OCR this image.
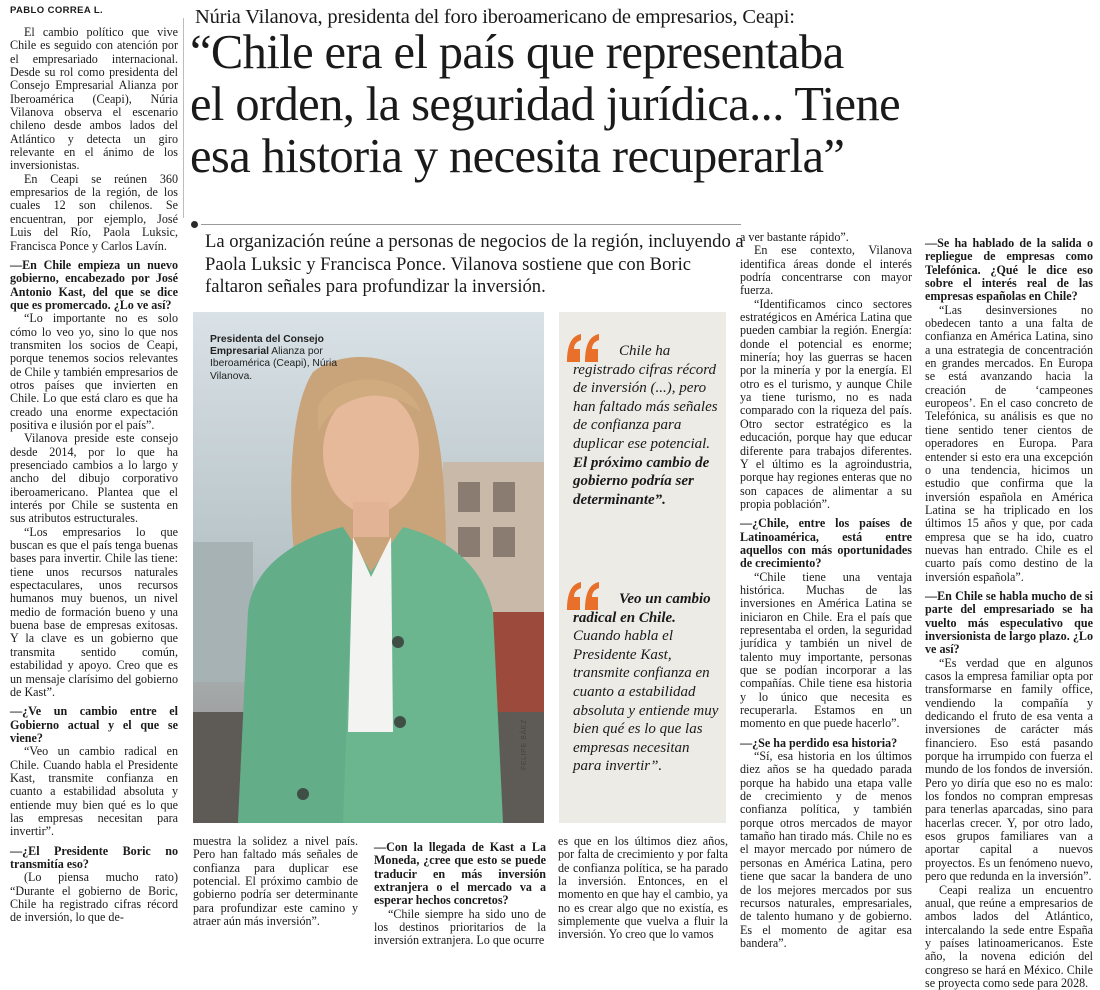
PABLO CORREA L.

El cambio político que vive Chile es seguido con atención por el empresariado internacional. Desde su rol como presidenta del Consejo Empresarial Alianza por Iberoamérica (Ceapi), Núria Vilanova observa el escenario chileno desde ambos lados del Atlántico y detecta un giro relevante en el ánimo de los inversionistas.

En Ceapi se reúnen 360 empresarios de la región, de los cuales 12 son chilenos. Se encuentran, por ejemplo, José Luis del Río, Paola Luksic, Francisca Ponce y Carlos Lavín.

—En Chile empieza un nuevo gobierno, encabezado por José Antonio Kast, del que se dice que es promercado. ¿Lo ve así?

“Lo importante no es solo cómo lo veo yo, sino lo que nos transmiten los socios de Ceapi, porque tenemos socios relevantes de Chile y también empresarios de otros países que invierten en Chile. Lo que está claro es que ha creado una enorme expectación positiva e ilusión por el país”.

Vilanova preside este consejo desde 2014, por lo que ha presenciado cambios a lo largo y ancho del dibujo corporativo iberoamericano. Plantea que el interés por Chile se sustenta en sus atributos estructurales.

“Los empresarios lo que buscan es que el país tenga buenas bases para invertir. Chile las tiene: tiene unos recursos naturales espectaculares, unos recursos humanos muy buenos, un nivel medio de formación bueno y una buena base de empresas exitosas. Y la clave es un gobierno que transmita sentido común, estabilidad y apoyo. Creo que es un mensaje clarísimo del gobierno de Kast”.

—¿Ve un cambio entre el Gobierno actual y el que se viene?

“Veo un cambio radical en Chile. Cuando habla el Presidente Kast, transmite confianza en cuanto a estabilidad absoluta y entiende muy bien qué es lo que las empresas necesitan para invertir”.

—¿El Presidente Boric no transmitía eso?

(Lo piensa mucho rato) “Durante el gobierno de Boric, Chile ha registrado cifras récord de inversión, lo que de-

Núria Vilanova, presidenta del foro iberoamericano de empresarios, Ceapi:
“Chile era el país que representaba
el orden, la seguridad jurídica... Tiene
esa historia y necesita recuperarla”
La organización reúne a personas de negocios de la región, incluyendo a Paola Luksic y Francisca Ponce. Vilanova sostiene que con Boric faltaron señales para profundizar la inversión.
Presidenta del Consejo Empresarial Alianza por Iberoamérica (Ceapi), Núria Vilanova.
FELIPE BÁEZ
Chile ha registrado cifras récord de inversión (...), pero han faltado más señales de confianza para duplicar ese potencial. El próximo cambio de gobierno podría ser determinante”.
Veo un cambio radical en Chile. Cuando habla el Presidente Kast, transmite confianza en cuanto a estabilidad absoluta y entiende muy bien qué es lo que las empresas necesitan para invertir”.

muestra la solidez a nivel país. Pero han faltado más señales de confianza para duplicar ese potencial. El próximo cambio de gobierno podría ser determinante para profundizar este camino y atraer aún más inversión”.

—Con la llegada de Kast a La Moneda, ¿cree que esto se puede traducir en más inversión extranjera o el mercado va a esperar hechos concretos?

“Chile siempre ha sido uno de los destinos prioritarios de la inversión extranjera. Lo que ocurre

es que en los últimos diez años, por falta de crecimiento y por falta de confianza política, se ha parado la inversión. Entonces, en el momento en que hay el cambio, ya no es crear algo que no existía, es simplemente que vuelva a fluir la inversión. Yo creo que lo vamos

a ver bastante rápido”.

En ese contexto, Vilanova identifica áreas donde el interés podría concentrarse con mayor fuerza.

“Identificamos cinco sectores estratégicos en América Latina que pueden cambiar la región. Energía: donde el potencial es enorme; minería; hoy las guerras se hacen por la minería y por la energía. El otro es el turismo, y aunque Chile ya tiene turismo, no es nada comparado con la riqueza del país. Otro sector estratégico es la educación, porque hay que educar diferente para trabajos diferentes. Y el último es la agroindustria, porque hay regiones enteras que no son capaces de alimentar a su propia población”.

—¿Chile, entre los países de Latinoamérica, está entre aquellos con más oportunidades de crecimiento?

“Chile tiene una ventaja histórica. Muchas de las inversiones en América Latina se iniciaron en Chile. Era el país que representaba el orden, la seguridad jurídica y también un nivel de talento muy importante, personas que se podían incorporar a las compañías. Chile tiene esa historia y lo único que necesita es recuperarla. Estamos en un momento en que puede hacerlo”.

—¿Se ha perdido esa historia?

“Sí, esa historia en los últimos diez años se ha quedado parada porque ha habido una etapa valle de crecimiento y de menos confianza política, y también porque otros mercados de mayor tamaño han tirado más. Chile no es el mayor mercado por número de personas en América Latina, pero tiene que sacar la bandera de uno de los mejores mercados por sus recursos naturales, empresariales, de talento humano y de gobierno. Es el momento de agitar esa bandera”.

—Se ha hablado de la salida o repliegue de empresas como Telefónica. ¿Qué le dice eso sobre el interés real de las empresas españolas en Chile?

“Las desinversiones no obedecen tanto a una falta de confianza en América Latina, sino a una estrategia de concentración en grandes mercados. En Europa se está avanzando hacia la creación de ‘campeones europeos’. En el caso concreto de Telefónica, su análisis es que no tiene sentido tener cientos de operadores en Europa. Para entender si esto era una excepción o una tendencia, hicimos un estudio que confirma que la inversión española en América Latina se ha triplicado en los últimos 15 años y que, por cada empresa que se ha ido, cuatro nuevas han entrado. Chile es el cuarto país como destino de la inversión española”.

—En Chile se habla mucho de si parte del empresariado se ha vuelto más especulativo que inversionista de largo plazo. ¿Lo ve así?

“Es verdad que en algunos casos la empresa familiar opta por transformarse en family office, vendiendo la compañía y dedicando el fruto de esa venta a inversiones de carácter más financiero. Eso está pasando porque ha irrumpido con fuerza el mundo de los fondos de inversión. Pero yo diría que eso no es malo: los fondos no compran empresas para tenerlas aparcadas, sino para hacerlas crecer. Y, por otro lado, esos grupos familiares van a aportar capital a nuevos proyectos. Es un fenómeno nuevo, pero que redunda en la inversión”.

Ceapi realiza un encuentro anual, que reúne a empresarios de ambos lados del Atlántico, intercalando la sede entre España y países latinoamericanos. Este año, la novena edición del congreso se hará en México. Chile se proyecta como sede para 2028.
